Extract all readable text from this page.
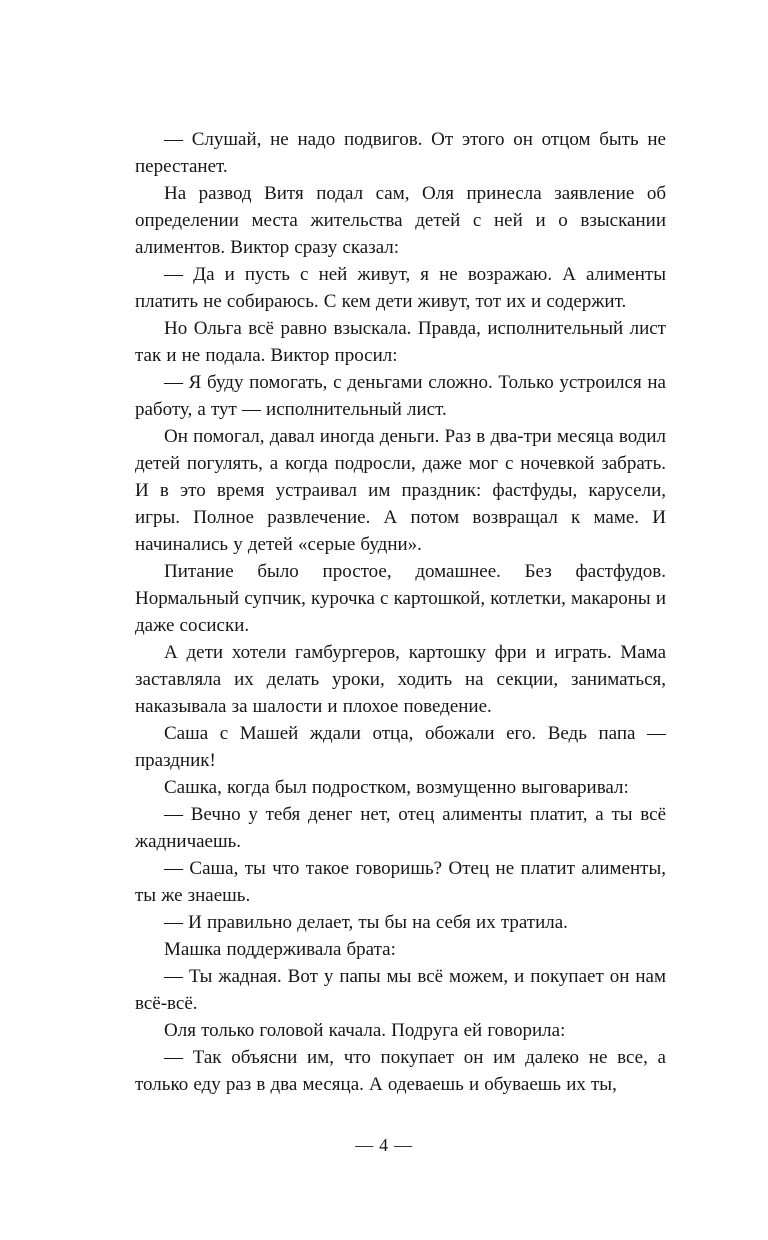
— Слушай, не надо подвигов. От этого он отцом быть не перестанет.

На развод Витя подал сам, Оля принесла заявление об определении места жительства детей с ней и о взыскании алиментов. Виктор сразу сказал:

— Да и пусть с ней живут, я не возражаю. А алименты платить не собираюсь. С кем дети живут, тот их и содержит.

Но Ольга всё равно взыскала. Правда, исполнительный лист так и не подала. Виктор просил:

— Я буду помогать, с деньгами сложно. Только устроился на работу, а тут — исполнительный лист.

Он помогал, давал иногда деньги. Раз в два-три месяца водил детей погулять, а когда подросли, даже мог с ночевкой забрать. И в это время устраивал им праздник: фастфуды, карусели, игры. Полное развлечение. А потом возвращал к маме. И начинались у детей «серые будни».

Питание было простое, домашнее. Без фастфудов. Нормальный супчик, курочка с картошкой, котлетки, макароны и даже сосиски.

А дети хотели гамбургеров, картошку фри и играть. Мама заставляла их делать уроки, ходить на секции, заниматься, наказывала за шалости и плохое поведение.

Саша с Машей ждали отца, обожали его. Ведь папа — праздник!

Сашка, когда был подростком, возмущенно выговаривал:

— Вечно у тебя денег нет, отец алименты платит, а ты всё жадничаешь.

— Саша, ты что такое говоришь? Отец не платит алименты, ты же знаешь.

— И правильно делает, ты бы на себя их тратила.

Машка поддерживала брата:

— Ты жадная. Вот у папы мы всё можем, и покупает он нам всё-всё.

Оля только головой качала. Подруга ей говорила:

— Так объясни им, что покупает он им далеко не все, а только еду раз в два месяца. А одеваешь и обуваешь их ты,

— 4 —
